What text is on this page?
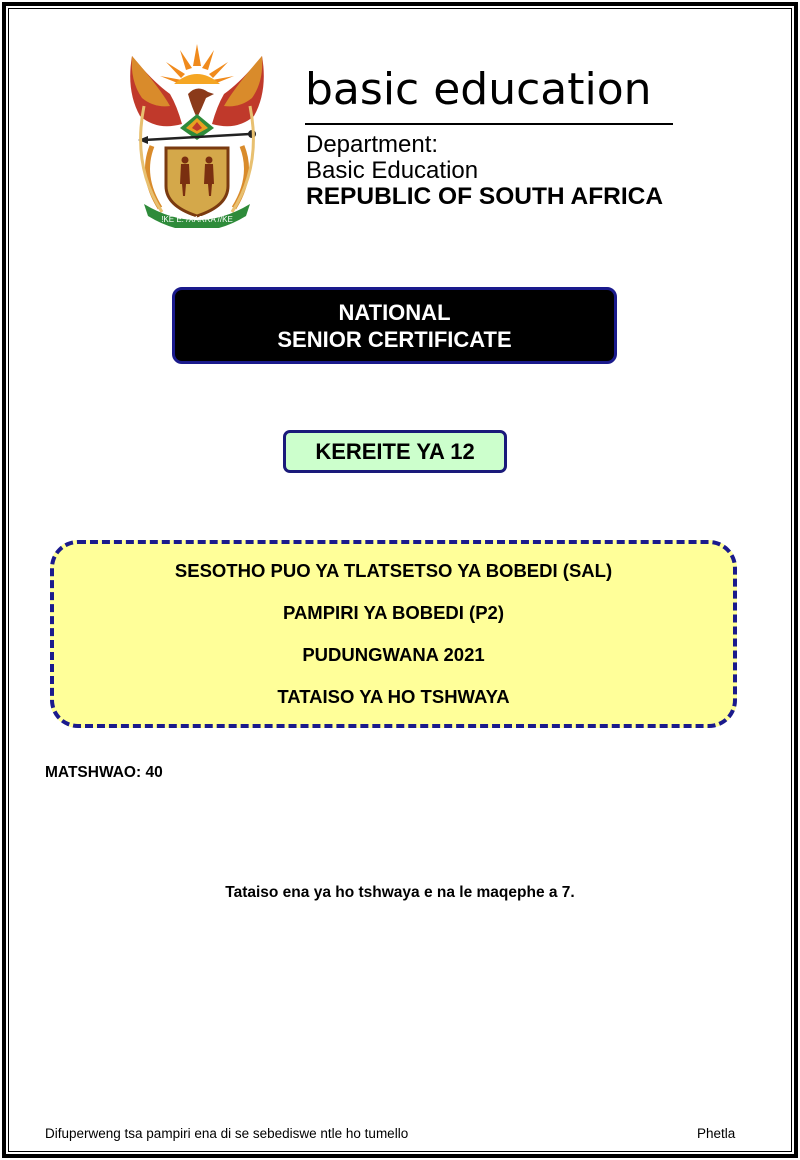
!KE E: /XARRA //KE
basic education
Department:
Basic Education
REPUBLIC OF SOUTH AFRICA
NATIONAL
SENIOR CERTIFICATE
KEREITE YA 12
SESOTHO PUO YA TLATSETSO YA BOBEDI (SAL)
PAMPIRI YA BOBEDI (P2)
PUDUNGWANA 2021
TATAISO YA HO TSHWAYA
MATSHWAO: 40
Tataiso ena ya ho tshwaya e na le maqephe a 7.
Difuperweng tsa pampiri ena di se sebediswe ntle ho tumello	Phetla
